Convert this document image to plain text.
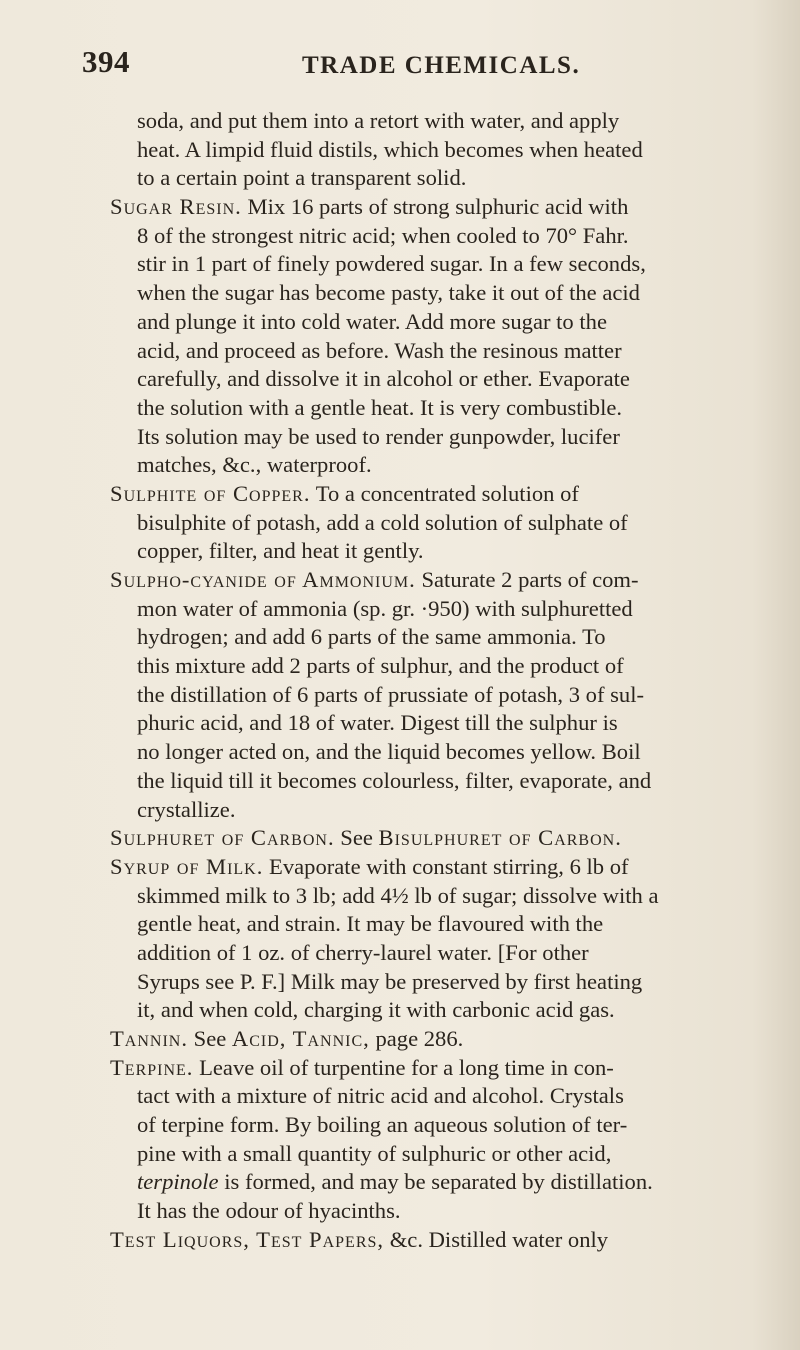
394	TRADE CHEMICALS.
soda, and put them into a retort with water, and apply
heat. A limpid fluid distils, which becomes when heated
to a certain point a transparent solid.
Sugar Resin. Mix 16 parts of strong sulphuric acid with
8 of the strongest nitric acid; when cooled to 70° Fahr.
stir in 1 part of finely powdered sugar. In a few seconds,
when the sugar has become pasty, take it out of the acid
and plunge it into cold water. Add more sugar to the
acid, and proceed as before. Wash the resinous matter
carefully, and dissolve it in alcohol or ether. Evaporate
the solution with a gentle heat. It is very combustible.
Its solution may be used to render gunpowder, lucifer
matches, &c., waterproof.
Sulphite of Copper. To a concentrated solution of
bisulphite of potash, add a cold solution of sulphate of
copper, filter, and heat it gently.
Sulpho-cyanide of Ammonium. Saturate 2 parts of com-
mon water of ammonia (sp. gr. ·950) with sulphuretted
hydrogen; and add 6 parts of the same ammonia. To
this mixture add 2 parts of sulphur, and the product of
the distillation of 6 parts of prussiate of potash, 3 of sul-
phuric acid, and 18 of water. Digest till the sulphur is
no longer acted on, and the liquid becomes yellow. Boil
the liquid till it becomes colourless, filter, evaporate, and
crystallize.
Sulphuret of Carbon. See Bisulphuret of Carbon.
Syrup of Milk. Evaporate with constant stirring, 6 lb of
skimmed milk to 3 lb; add 4½ lb of sugar; dissolve with a
gentle heat, and strain. It may be flavoured with the
addition of 1 oz. of cherry-laurel water. [For other
Syrups see P. F.] Milk may be preserved by first heating
it, and when cold, charging it with carbonic acid gas.
Tannin. See Acid, Tannic, page 286.
Terpine. Leave oil of turpentine for a long time in con-
tact with a mixture of nitric acid and alcohol. Crystals
of terpine form. By boiling an aqueous solution of ter-
pine with a small quantity of sulphuric or other acid,
terpinole is formed, and may be separated by distillation.
It has the odour of hyacinths.
Test Liquors, Test Papers, &c. Distilled water only
